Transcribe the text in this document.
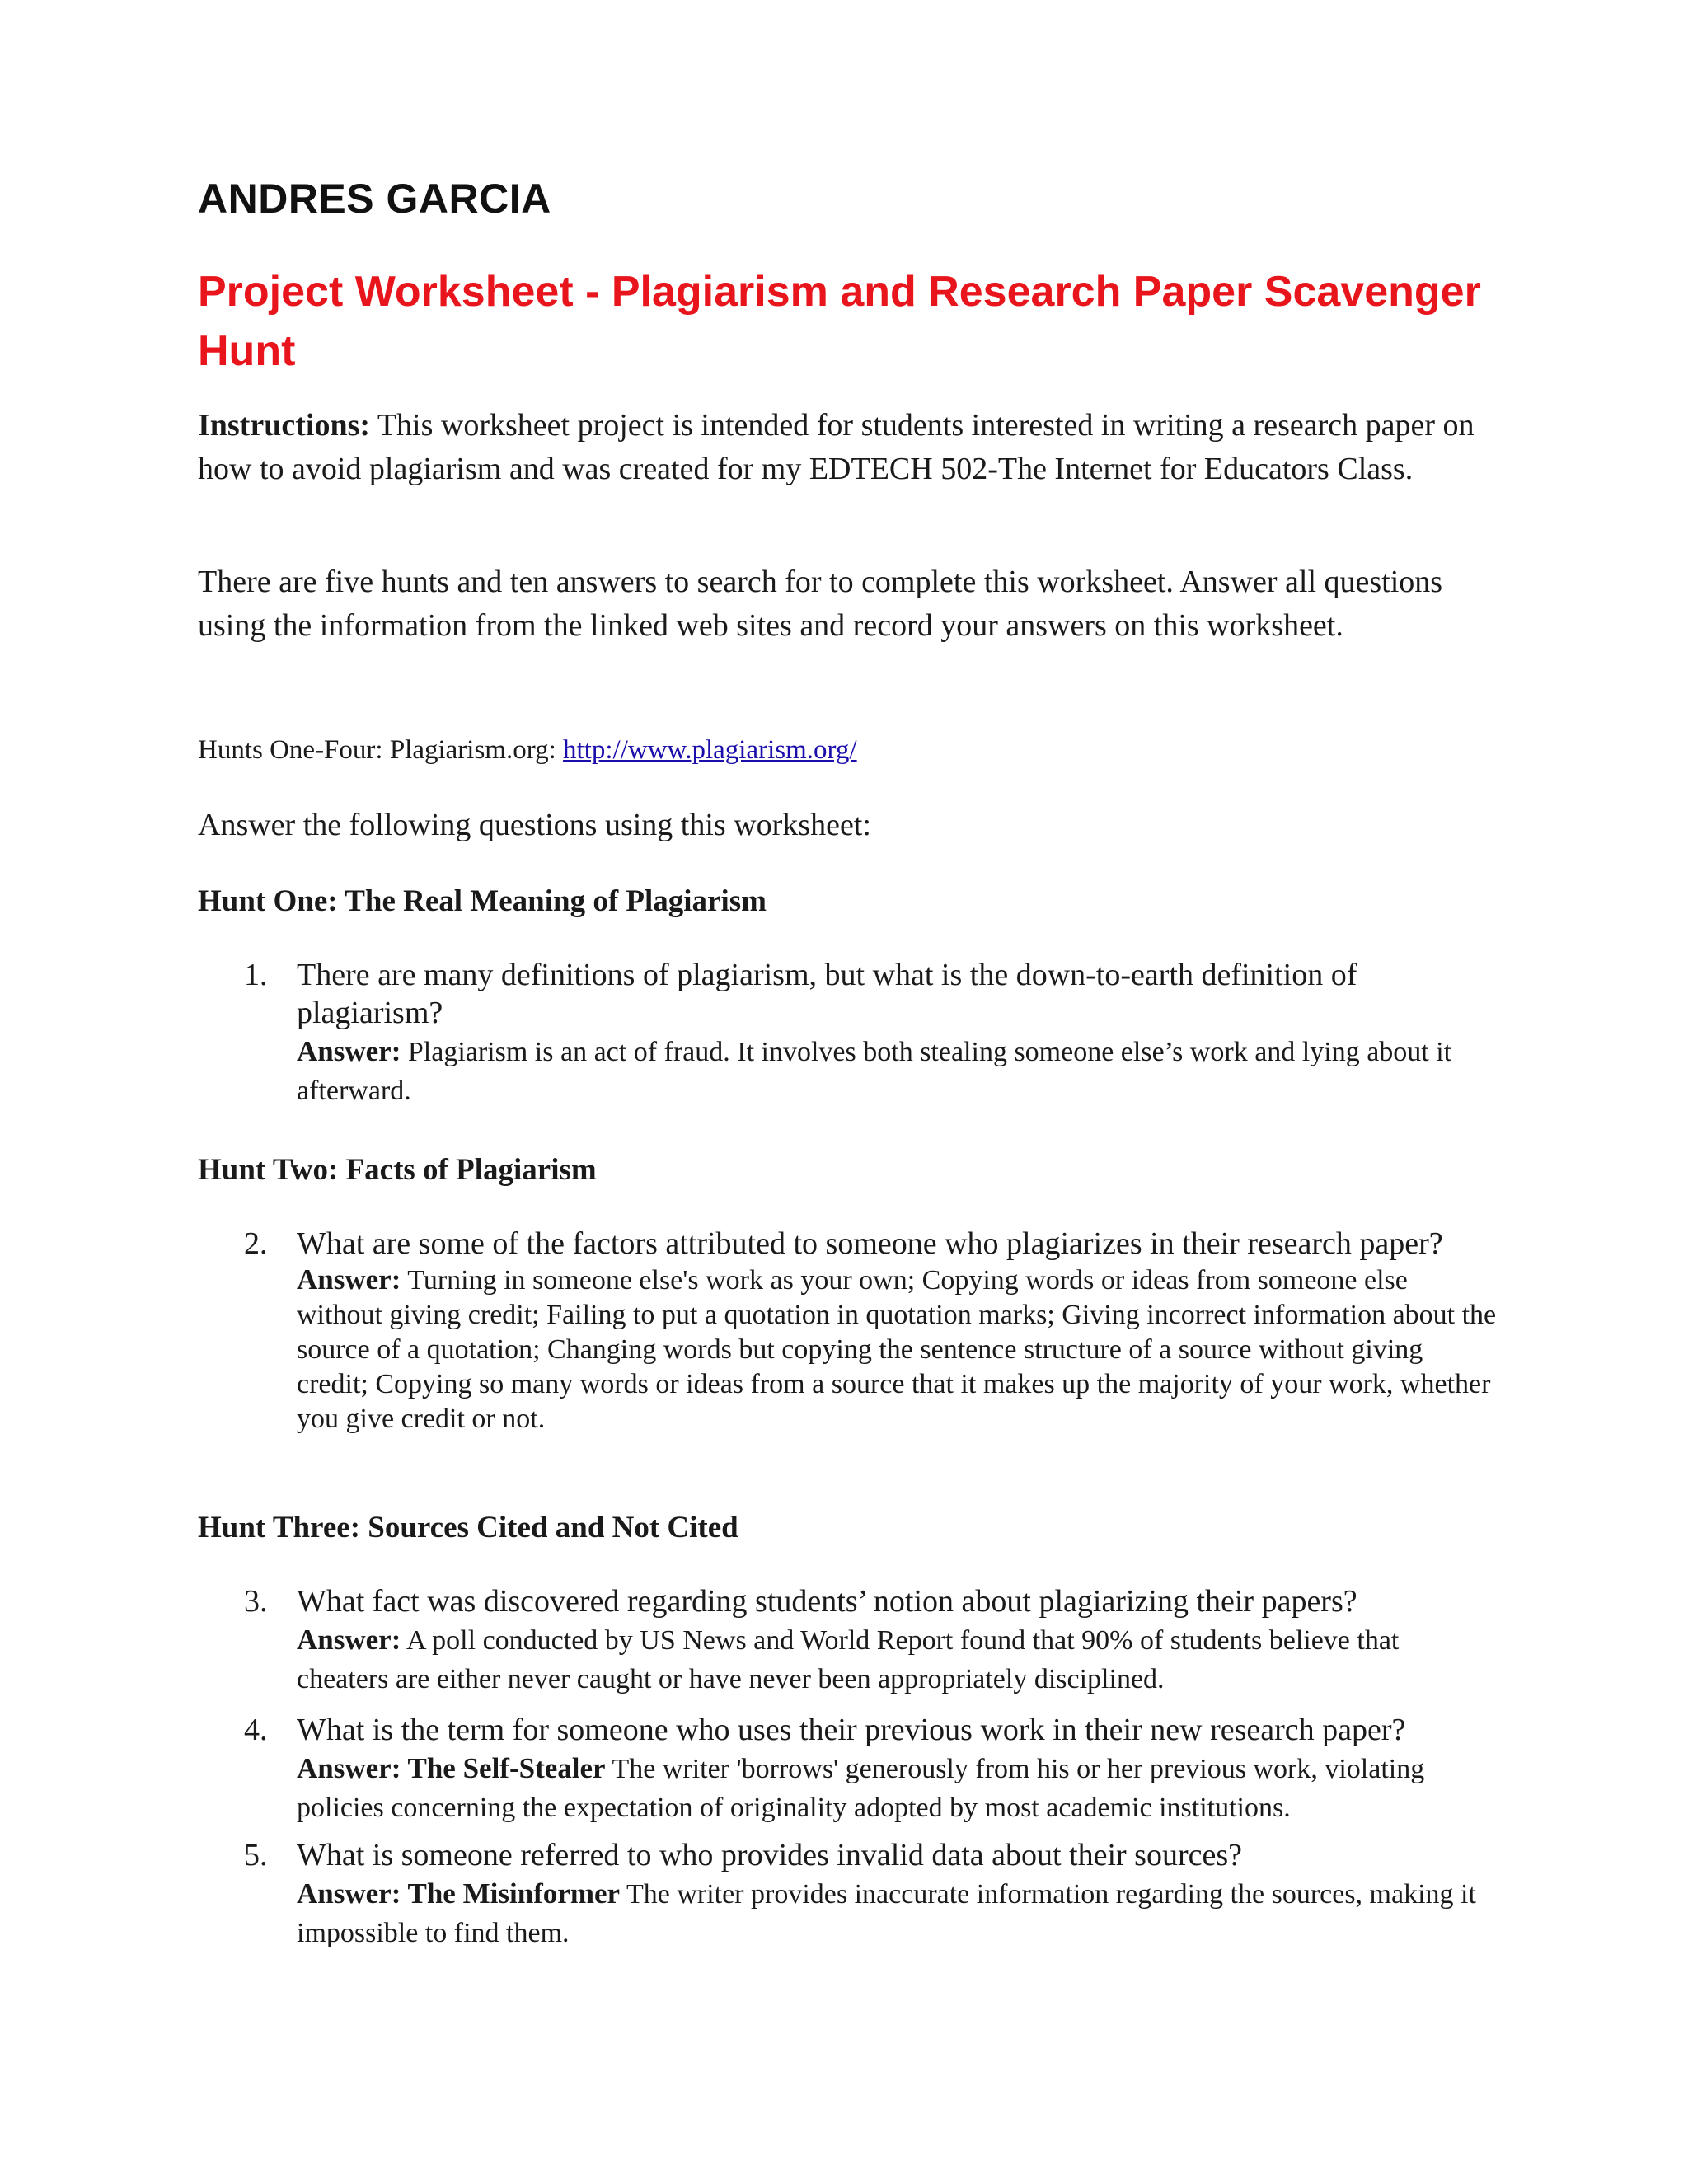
ANDRES GARCIA
Project Worksheet - Plagiarism and Research Paper Scavenger Hunt

Instructions: This worksheet project is intended for students interested in writing a research paper on how to avoid plagiarism and was created for my EDTECH 502-The Internet for Educators Class.

There are five hunts and ten answers to search for to complete this worksheet. Answer all questions using the information from the linked web sites and record your answers on this worksheet.

Hunts One-Four: Plagiarism.org: http://www.plagiarism.org/

Answer the following questions using this worksheet:

Hunt One: The Real Meaning of Plagiarism
1. There are many definitions of plagiarism, but what is the down-to-earth definition of plagiarism?
Answer: Plagiarism is an act of fraud. It involves both stealing someone else’s work and lying about it afterward.
Hunt Two: Facts of Plagiarism
2. What are some of the factors attributed to someone who plagiarizes in their research paper?
Answer: Turning in someone else's work as your own; Copying words or ideas from someone else without giving credit; Failing to put a quotation in quotation marks; Giving incorrect information about the source of a quotation; Changing words but copying the sentence structure of a source without giving credit; Copying so many words or ideas from a source that it makes up the majority of your work, whether you give credit or not.
Hunt Three: Sources Cited and Not Cited
3. What fact was discovered regarding students’ notion about plagiarizing their papers?
Answer: A poll conducted by US News and World Report found that 90% of students believe that cheaters are either never caught or have never been appropriately disciplined.
4. What is the term for someone who uses their previous work in their new research paper?
Answer: The Self-Stealer The writer 'borrows' generously from his or her previous work, violating policies concerning the expectation of originality adopted by most academic institutions.
5. What is someone referred to who provides invalid data about their sources?
Answer: The Misinformer The writer provides inaccurate information regarding the sources, making it impossible to find them.
